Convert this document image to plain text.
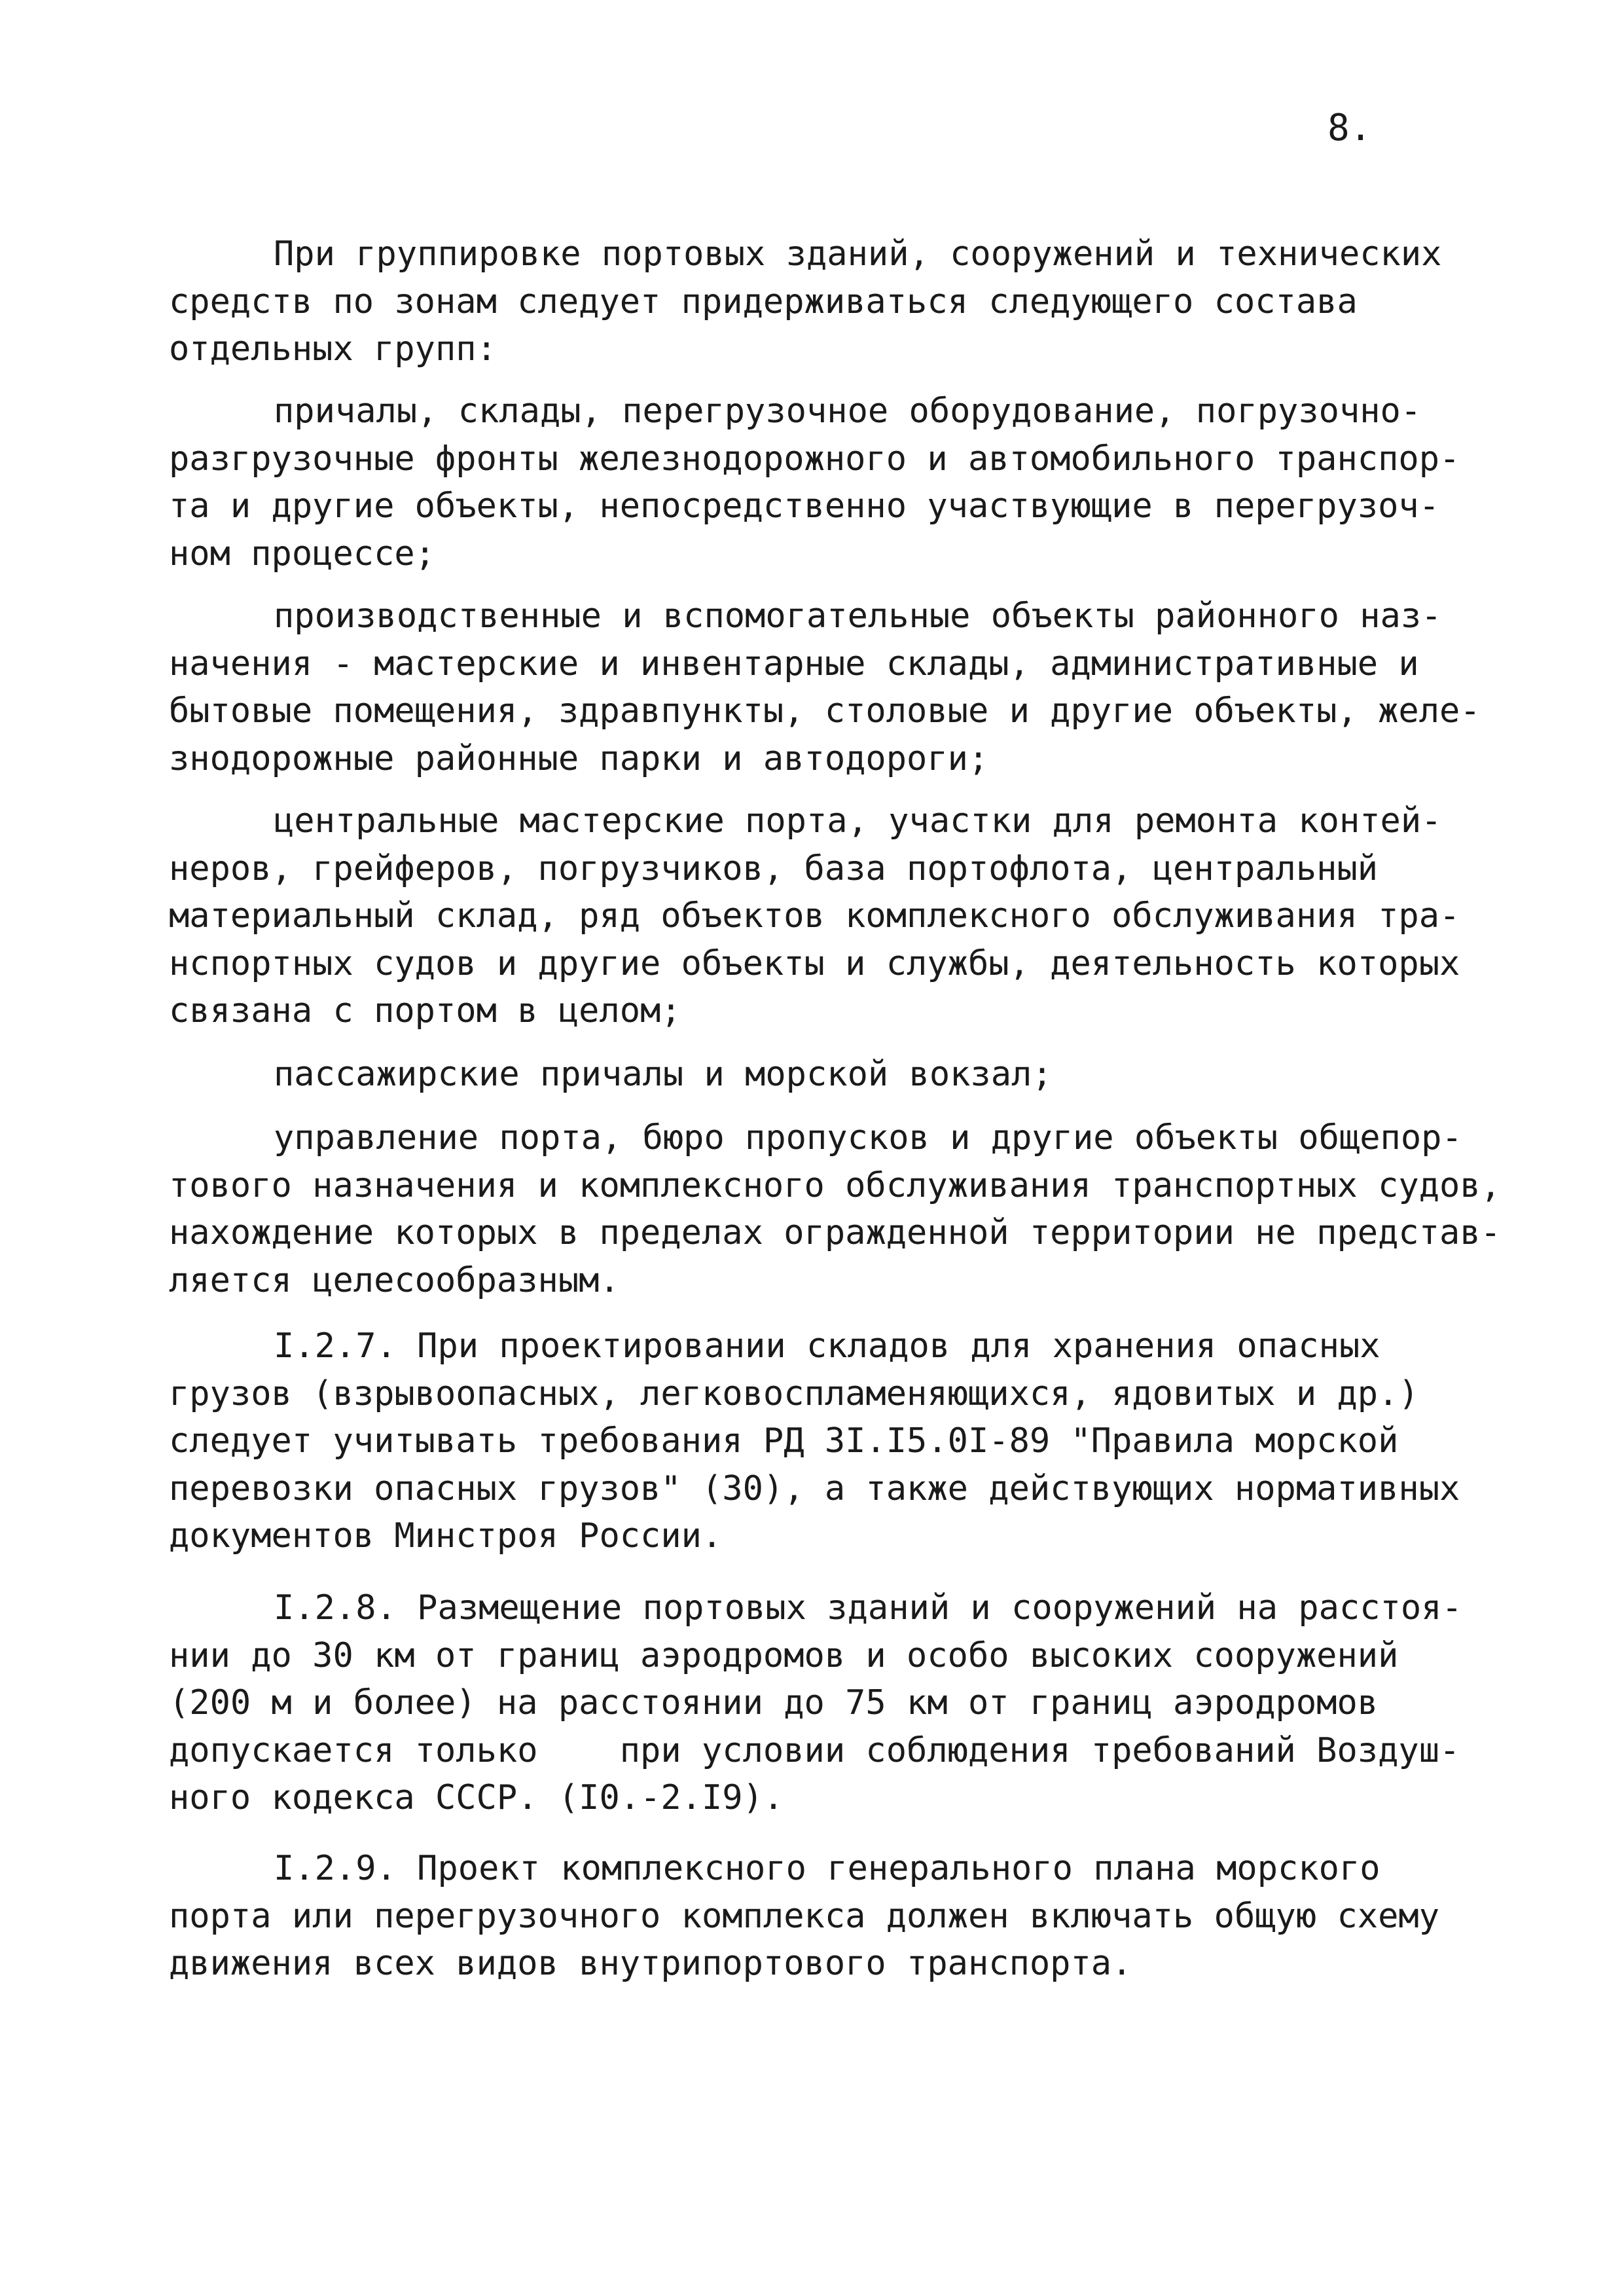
8.
При группировке портовых зданий, сооружений и технических
средств по зонам следует придерживаться следующего состава
отдельных групп:
причалы, склады, перегрузочное оборудование, погрузочно-
разгрузочные фронты железнодорожного и автомобильного транспор-
та и другие объекты, непосредственно участвующие в перегрузоч-
ном процессе;
производственные и вспомогательные объекты районного наз-
начения - мастерские и инвентарные склады, административные и
бытовые помещения, здравпункты, столовые и другие объекты, желе-
знодорожные районные парки и автодороги;
центральные мастерские порта, участки для ремонта контей-
неров, грейферов, погрузчиков, база портофлота, центральный
материальный склад, ряд объектов комплексного обслуживания тра-
нспортных судов и другие объекты и службы, деятельность которых
связана с портом в целом;
пассажирские причалы и морской вокзал;
управление порта, бюро пропусков и другие объекты общепор-
тового назначения и комплексного обслуживания транспортных судов,
нахождение которых в пределах огражденной территории не представ-
ляется целесообразным.
I.2.7. При проектировании складов для хранения опасных
грузов (взрывоопасных, легковоспламеняющихся, ядовитых и др.)
следует учитывать требования РД 3I.I5.0I-89 "Правила морской
перевозки опасных грузов" (30), а также действующих нормативных
документов Минстроя России.
I.2.8. Размещение портовых зданий и сооружений на расстоя-
нии до 30 км от границ аэродромов и особо высоких сооружений
(200 м и более) на расстоянии до 75 км от границ аэродромов
допускается только    при условии соблюдения требований Воздуш-
ного кодекса СССР. (I0.-2.I9).
I.2.9. Проект комплексного генерального плана морского
порта или перегрузочного комплекса должен включать общую схему
движения всех видов внутрипортового транспорта.
